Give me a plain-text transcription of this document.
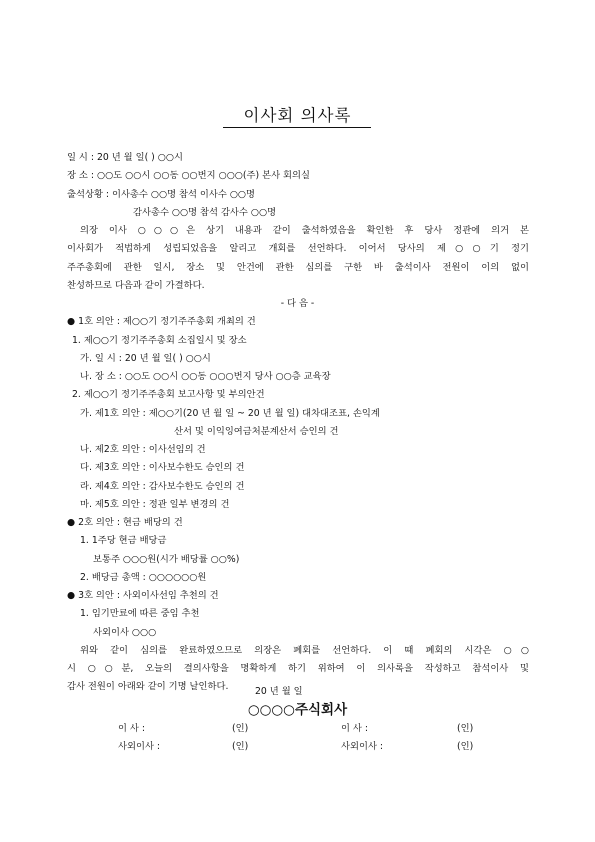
이사회 의사록
일 시 : 20 년 월 일( ) ○○시
장 소 : ○○도 ○○시 ○○동 ○○번지 ○○○(주) 본사 회의실
출석상황 : 이사총수 ○○명 참석 이사수 ○○명
감사총수 ○○명 참석 감사수 ○○명
의장 이사 ○○○은 상기 내용과 같이 출석하였음을 확인한 후 당사 정관에 의거 본
이사회가 적법하게 성립되었음을 알리고 개회를 선언하다. 이어서 당사의 제○○기 정기
주주총회에 관한 일시, 장소 및 안건에 관한 심의를 구한 바 출석이사 전원이 이의 없이
찬성하므로 다음과 같이 가결하다.
- 다 음 -
● 1호 의안 : 제○○기 정기주주총회 개최의 건
1. 제○○기 정기주주총회 소집일시 및 장소
가. 일 시 : 20 년 월 일( ) ○○시
나. 장 소 : ○○도 ○○시 ○○동 ○○○번지 당사 ○○층 교육장
2. 제○○기 정기주주총회 보고사항 및 부의안건
가. 제1호 의안 : 제○○기(20 년 월 일 ~ 20 년 월 일) 대차대조표, 손익계
산서 및 이익잉여금처분계산서 승인의 건
나. 제2호 의안 : 이사선임의 건
다. 제3호 의안 : 이사보수한도 승인의 건
라. 제4호 의안 : 감사보수한도 승인의 건
마. 제5호 의안 : 정관 일부 변경의 건
● 2호 의안 : 현금 배당의 건
1. 1주당 현금 배당금
보통주 ○○○원(시가 배당률 ○○%)
2. 배당금 총액 : ○○○○○○원
● 3호 의안 : 사외이사선임 추천의 건
1. 임기만료에 따른 중임 추천
사외이사 ○○○
위와 같이 심의를 완료하였으므로 의장은 폐회를 선언하다. 이 때 폐회의 시각은 ○○
시 ○○분, 오늘의 결의사항을 명확하게 하기 위하여 이 의사록을 작성하고 참석이사 및
감사 전원이 아래와 같이 기명 날인하다.	20 년 월 일
○○○○주식회사
이 사 :	(인)	이 사 :	(인)
사외이사 :	(인)	사외이사 :	(인)
